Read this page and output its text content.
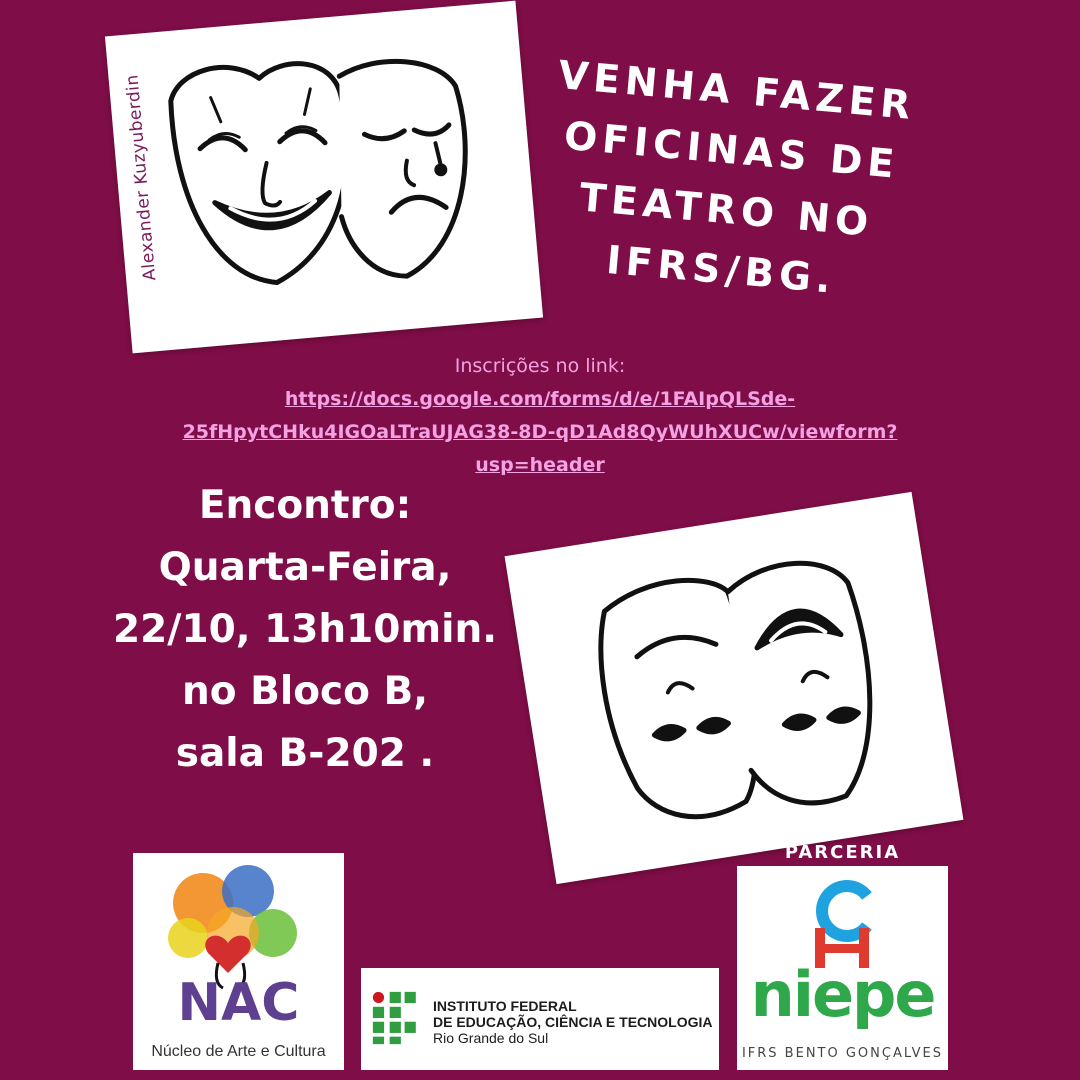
Alexander Kuzyuberdin	VENHA FAZER
OFICINAS DE
TEATRO NO
IFRS/BG.
Inscrições no link:
https://docs.google.com/forms/d/e/1FAIpQLSde-
25fHpytCHku4IGOaLTraUJAG38-8D-qD1Ad8QyWUhXUCw/viewform?
usp=header
Encontro:
Quarta-Feira,
22/10, 13h10min.
no Bloco B,
sala B-202 .
PARCERIA
NAC
Núcleo de Arte e Cultura
INSTITUTO FEDERAL
DE EDUCAÇÃO, CIÊNCIA E TECNOLOGIA
Rio Grande do Sul
niepe
IFRS BENTO GONÇALVES
